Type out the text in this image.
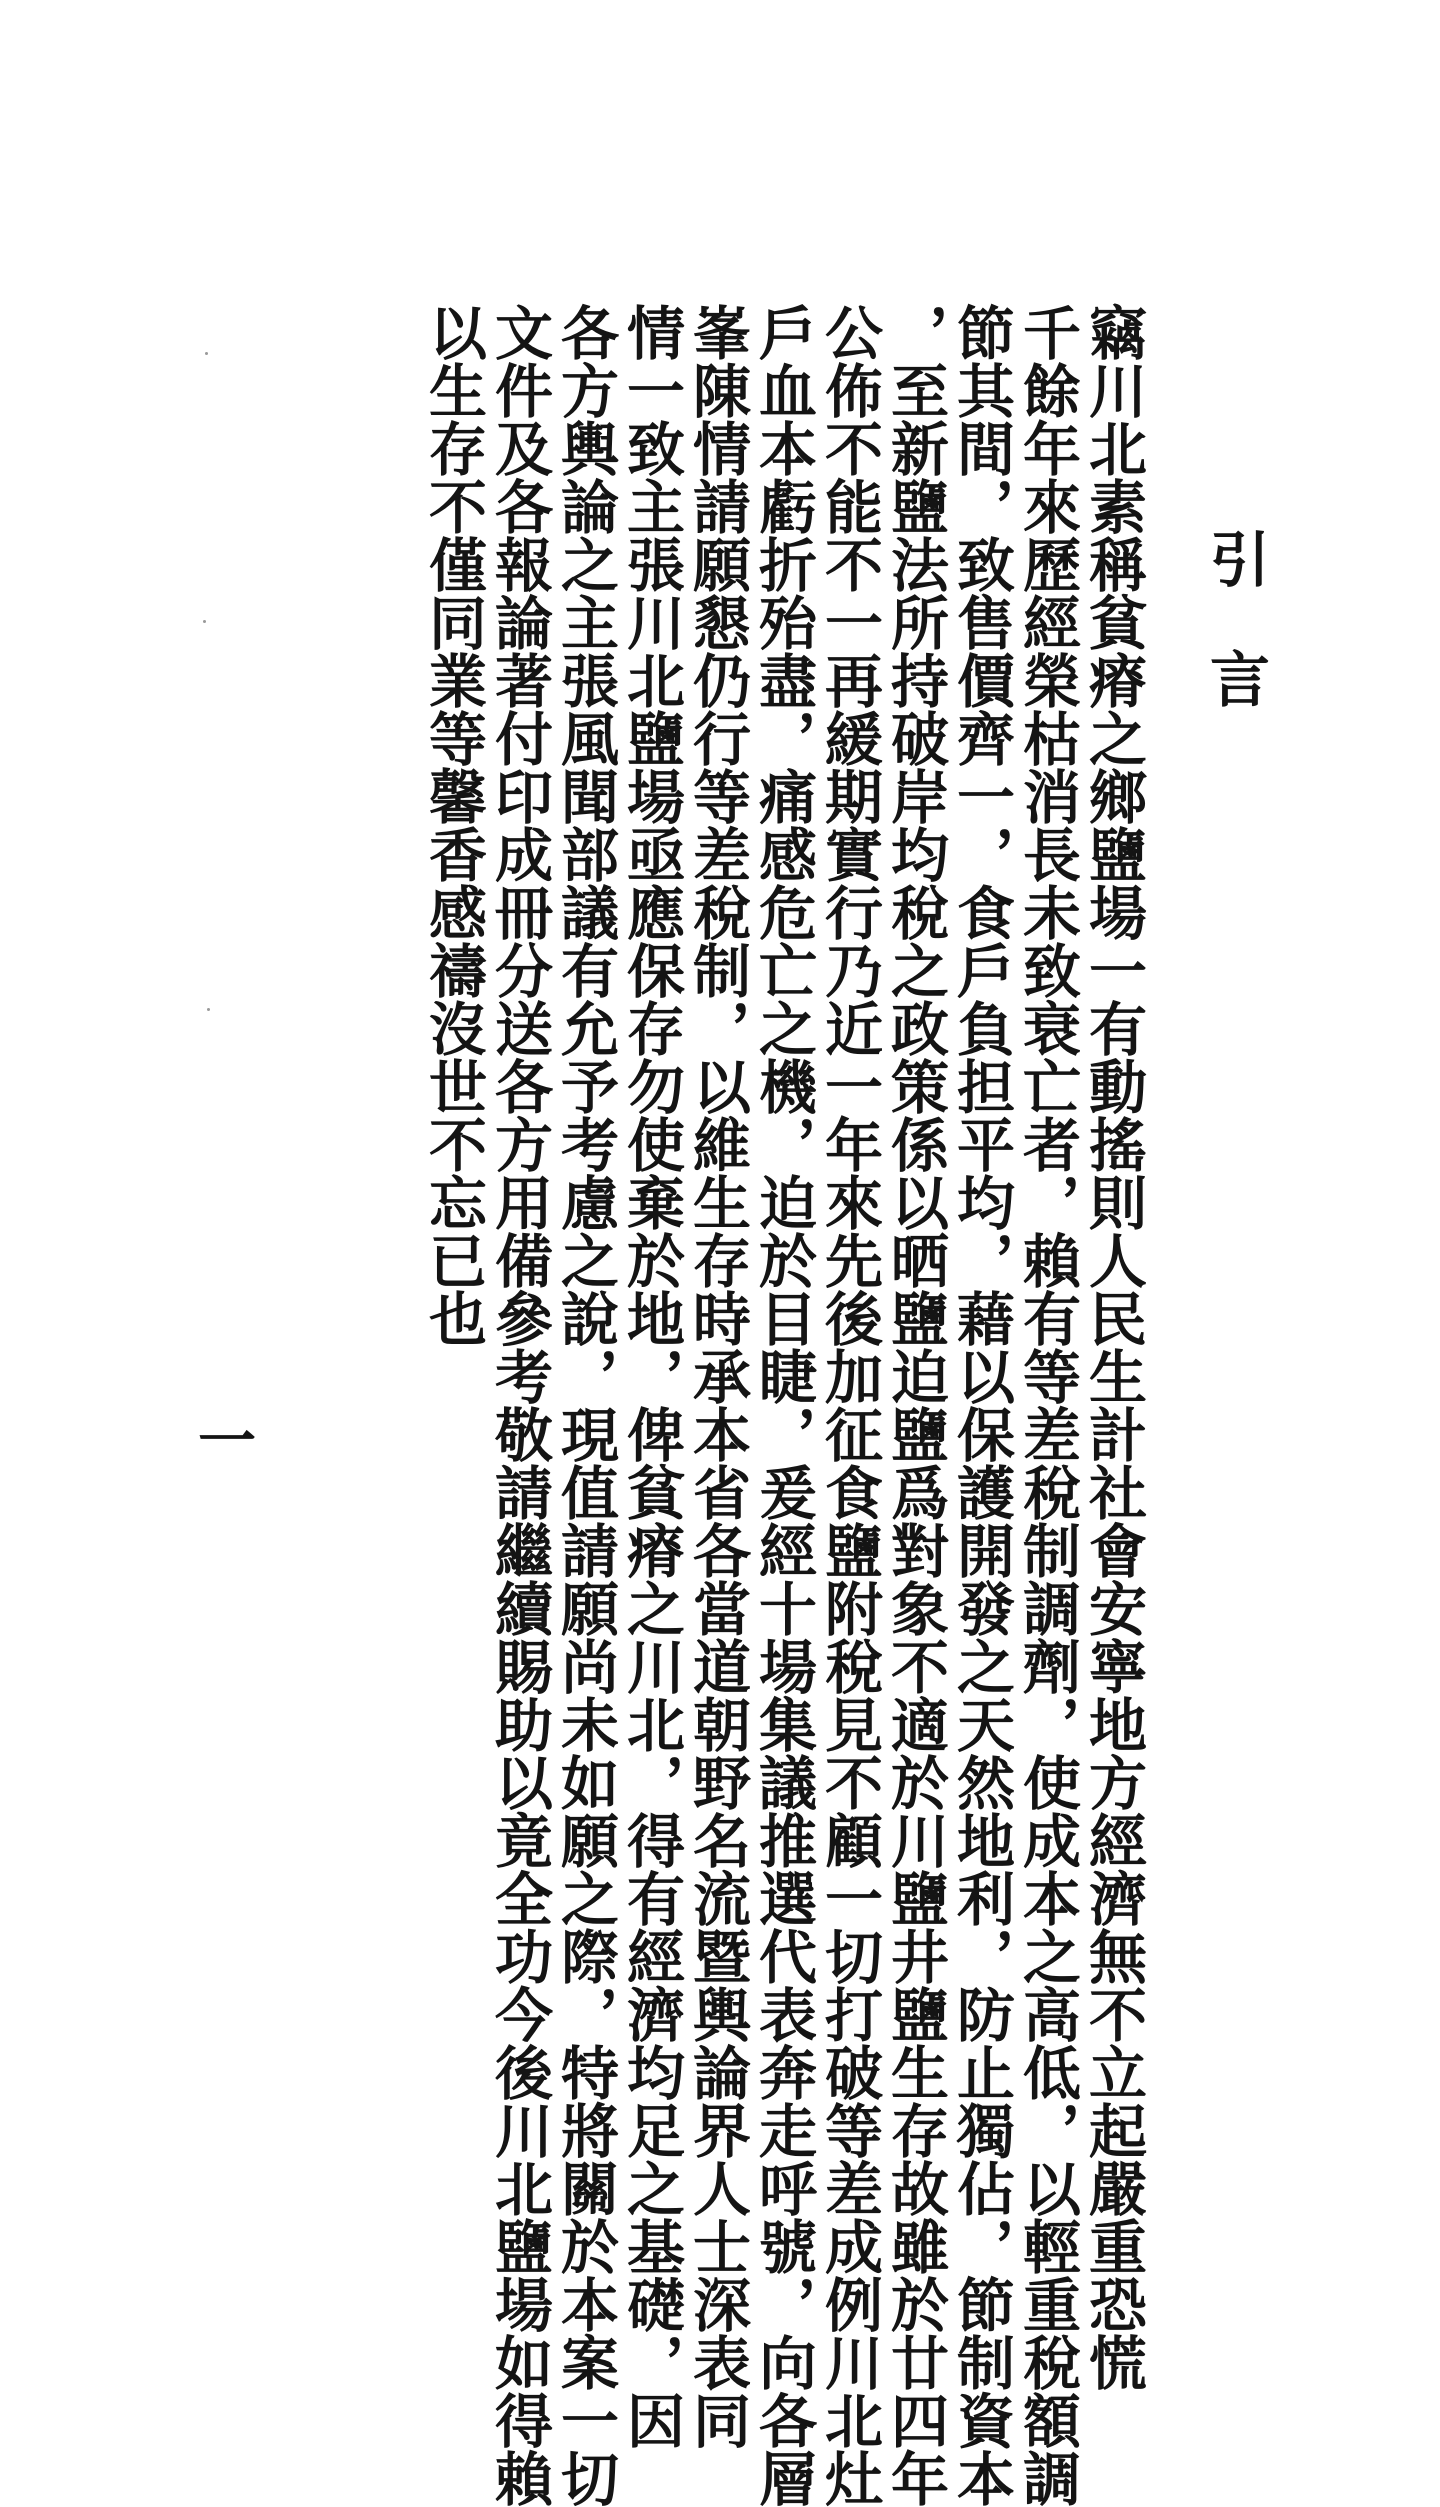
引言
竊川北素稱貧瘠之鄉鹽場一有動搖則人民生計社會安寧地方經濟無不立起嚴重恐慌
千餘年來歷經榮枯消長未致衰亡者，賴有等差稅制調劑，使成本之高低，以輕重稅額調
節其間，致售價齊一，食戶負担平均，藉以保護開發之天然地利，防止獨佔，節制資本
，至新鹽法所持破岸均稅之政策係以晒鹽迫鹽爲對象不適於川鹽井鹽生存故雖於廿四年
公佈不能不一再緩期實行乃近一年來先後加征食鹽附稅見不顧一切打破等差成例川北灶
戶血本虧折殆盡，痛感危亡之機，迫於目睫，爰經十場集議推選代表奔走呼號，向各層
峯陳情請願懇仍行等差稅制，以維生存時承本省各當道朝野名流暨輿論界人士深表同
情一致主張川北鹽場亟應保存勿使棄於地，俾貧瘠之川北，得有經濟均足之基礎，因
各方輿論之主張風聞部議有允予考慮之說，現值請願尚未如願之際，特將關於本案一切
文件及各報論著付印成冊分送各方用備參考敬請繼續賜助以竟全功今後川北鹽場如得賴
以生存不僅同業等馨香感禱沒世不忘已也
一
